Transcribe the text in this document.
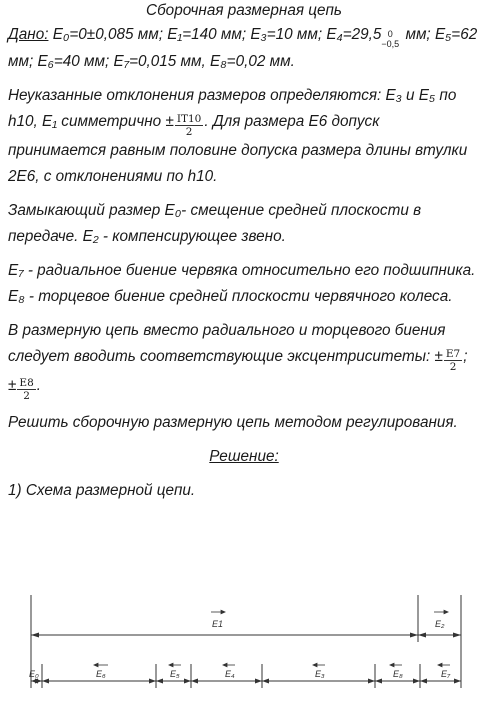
Сборочная размерная цепь

Дано: E₀=0±0,085 мм; E₁=140 мм; E₃=10 мм; E₄=29,5 0
−0,5
мм; E₅=62 мм; E₆=40 мм; E₇=0,015 мм, E₈=0,02 мм.

Неуказанные отклонения размеров определяются: E₃ и E₅ по h10, E₁ симметрично ± $\frac{IT10}{2}$ . Для размера E6 допуск принимается равным половине допуска размера длины втулки 2E6, с отклонениями по h10.

Замыкающий размер E₀- смещение средней плоскости в передаче. E₂ - компенсирующее звено.

E₇ - радиальное биение червяка относительно его подшипника. E₈ - торцевое биение средней плоскости червячного колеса.

В размерную цепь вместо радиального и торцевого биения следует вводить соответствующие эксцентриситеты: ± $\frac{E7}{2}$ ; ± $\frac{E8}{2}$ .

Решить сборочную размерную цепь методом регулирования.

Решение:

1) Схема размерной цепи.

E1	E₂
E₀	E₆	E₅	E₄	E₃	E₈	E₇
